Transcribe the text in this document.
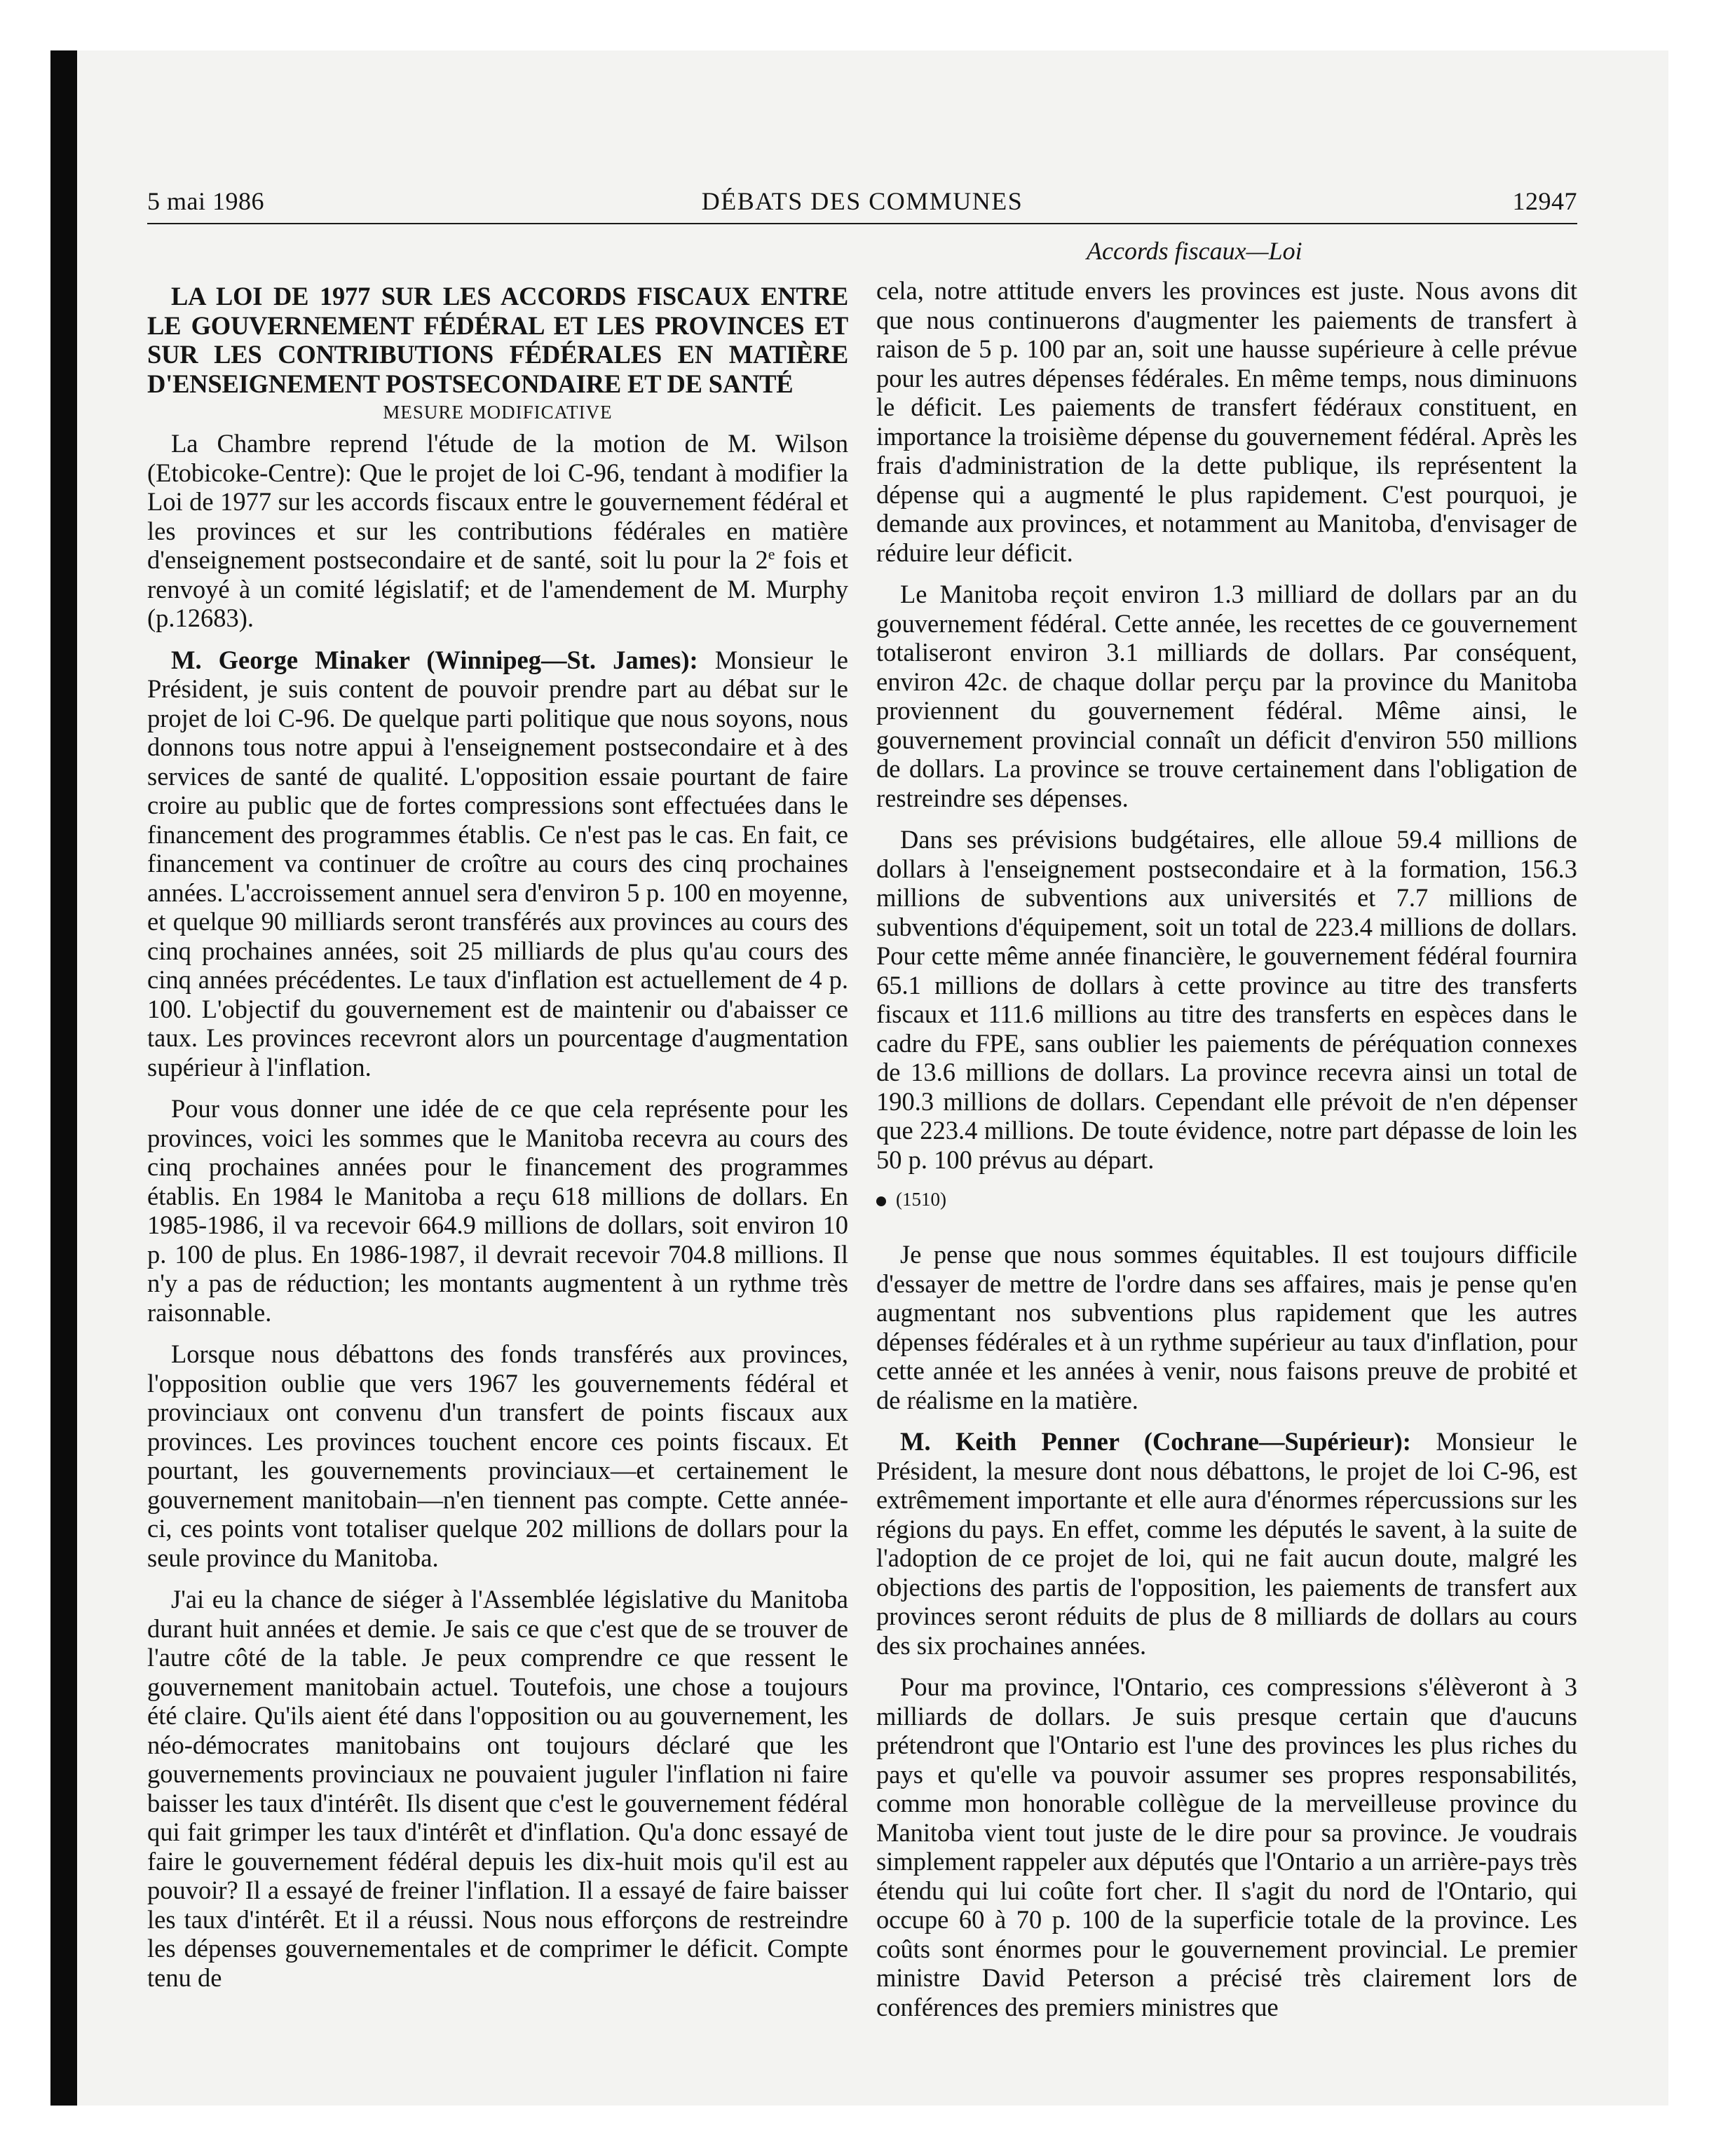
5 mai 1986	DÉBATS DES COMMUNES	12947
Accords fiscaux—Loi

LA LOI DE 1977 SUR LES ACCORDS FISCAUX ENTRE LE GOUVERNEMENT FÉDÉRAL ET LES PROVINCES ET SUR LES CONTRIBUTIONS FÉDÉRALES EN MATIÈRE D'ENSEIGNEMENT POSTSECONDAIRE ET DE SANTÉ

MESURE MODIFICATIVE

La Chambre reprend l'étude de la motion de M. Wilson (Etobicoke-Centre): Que le projet de loi C-96, tendant à modifier la Loi de 1977 sur les accords fiscaux entre le gouvernement fédéral et les provinces et sur les contributions fédérales en matière d'enseignement postsecondaire et de santé, soit lu pour la 2e fois et renvoyé à un comité législatif; et de l'amendement de M. Murphy (p.12683).

M. George Minaker (Winnipeg—St. James): Monsieur le Président, je suis content de pouvoir prendre part au débat sur le projet de loi C-96. De quelque parti politique que nous soyons, nous donnons tous notre appui à l'enseignement postsecondaire et à des services de santé de qualité. L'opposition essaie pourtant de faire croire au public que de fortes compressions sont effectuées dans le financement des programmes établis. Ce n'est pas le cas. En fait, ce financement va continuer de croître au cours des cinq prochaines années. L'accroissement annuel sera d'environ 5 p. 100 en moyenne, et quelque 90 milliards seront transférés aux provinces au cours des cinq prochaines années, soit 25 milliards de plus qu'au cours des cinq années précédentes. Le taux d'inflation est actuellement de 4 p. 100. L'objectif du gouvernement est de maintenir ou d'abaisser ce taux. Les provinces recevront alors un pourcentage d'augmentation supérieur à l'inflation.

Pour vous donner une idée de ce que cela représente pour les provinces, voici les sommes que le Manitoba recevra au cours des cinq prochaines années pour le financement des programmes établis. En 1984 le Manitoba a reçu 618 millions de dollars. En 1985-1986, il va recevoir 664.9 millions de dollars, soit environ 10 p. 100 de plus. En 1986-1987, il devrait recevoir 704.8 millions. Il n'y a pas de réduction; les montants augmentent à un rythme très raisonnable.

Lorsque nous débattons des fonds transférés aux provinces, l'opposition oublie que vers 1967 les gouvernements fédéral et provinciaux ont convenu d'un transfert de points fiscaux aux provinces. Les provinces touchent encore ces points fiscaux. Et pourtant, les gouvernements provinciaux—et certainement le gouvernement manitobain—n'en tiennent pas compte. Cette année-ci, ces points vont totaliser quelque 202 millions de dollars pour la seule province du Manitoba.

J'ai eu la chance de siéger à l'Assemblée législative du Manitoba durant huit années et demie. Je sais ce que c'est que de se trouver de l'autre côté de la table. Je peux comprendre ce que ressent le gouvernement manitobain actuel. Toutefois, une chose a toujours été claire. Qu'ils aient été dans l'opposition ou au gouvernement, les néo-démocrates manitobains ont toujours déclaré que les gouvernements provinciaux ne pouvaient juguler l'inflation ni faire baisser les taux d'intérêt. Ils disent que c'est le gouvernement fédéral qui fait grimper les taux d'intérêt et d'inflation. Qu'a donc essayé de faire le gouvernement fédéral depuis les dix-huit mois qu'il est au pouvoir? Il a essayé de freiner l'inflation. Il a essayé de faire baisser les taux d'intérêt. Et il a réussi. Nous nous efforçons de restreindre les dépenses gouvernementales et de comprimer le déficit. Compte tenu de

cela, notre attitude envers les provinces est juste. Nous avons dit que nous continuerons d'augmenter les paiements de transfert à raison de 5 p. 100 par an, soit une hausse supérieure à celle prévue pour les autres dépenses fédérales. En même temps, nous diminuons le déficit. Les paiements de transfert fédéraux constituent, en importance la troisième dépense du gouvernement fédéral. Après les frais d'administration de la dette publique, ils représentent la dépense qui a augmenté le plus rapidement. C'est pourquoi, je demande aux provinces, et notamment au Manitoba, d'envisager de réduire leur déficit.

Le Manitoba reçoit environ 1.3 milliard de dollars par an du gouvernement fédéral. Cette année, les recettes de ce gouvernement totaliseront environ 3.1 milliards de dollars. Par conséquent, environ 42c. de chaque dollar perçu par la province du Manitoba proviennent du gouvernement fédéral. Même ainsi, le gouvernement provincial connaît un déficit d'environ 550 millions de dollars. La province se trouve certainement dans l'obligation de restreindre ses dépenses.

Dans ses prévisions budgétaires, elle alloue 59.4 millions de dollars à l'enseignement postsecondaire et à la formation, 156.3 millions de subventions aux universités et 7.7 millions de subventions d'équipement, soit un total de 223.4 millions de dollars. Pour cette même année financière, le gouvernement fédéral fournira 65.1 millions de dollars à cette province au titre des transferts fiscaux et 111.6 millions au titre des transferts en espèces dans le cadre du FPE, sans oublier les paiements de péréquation connexes de 13.6 millions de dollars. La province recevra ainsi un total de 190.3 millions de dollars. Cependant elle prévoit de n'en dépenser que 223.4 millions. De toute évidence, notre part dépasse de loin les 50 p. 100 prévus au départ.

(1510)

Je pense que nous sommes équitables. Il est toujours difficile d'essayer de mettre de l'ordre dans ses affaires, mais je pense qu'en augmentant nos subventions plus rapidement que les autres dépenses fédérales et à un rythme supérieur au taux d'inflation, pour cette année et les années à venir, nous faisons preuve de probité et de réalisme en la matière.

M. Keith Penner (Cochrane—Supérieur): Monsieur le Président, la mesure dont nous débattons, le projet de loi C-96, est extrêmement importante et elle aura d'énormes répercussions sur les régions du pays. En effet, comme les députés le savent, à la suite de l'adoption de ce projet de loi, qui ne fait aucun doute, malgré les objections des partis de l'opposition, les paiements de transfert aux provinces seront réduits de plus de 8 milliards de dollars au cours des six prochaines années.

Pour ma province, l'Ontario, ces compressions s'élèveront à 3 milliards de dollars. Je suis presque certain que d'aucuns prétendront que l'Ontario est l'une des provinces les plus riches du pays et qu'elle va pouvoir assumer ses propres responsabilités, comme mon honorable collègue de la merveilleuse province du Manitoba vient tout juste de le dire pour sa province. Je voudrais simplement rappeler aux députés que l'Ontario a un arrière-pays très étendu qui lui coûte fort cher. Il s'agit du nord de l'Ontario, qui occupe 60 à 70 p. 100 de la superficie totale de la province. Les coûts sont énormes pour le gouvernement provincial. Le premier ministre David Peterson a précisé très clairement lors de conférences des premiers ministres que
